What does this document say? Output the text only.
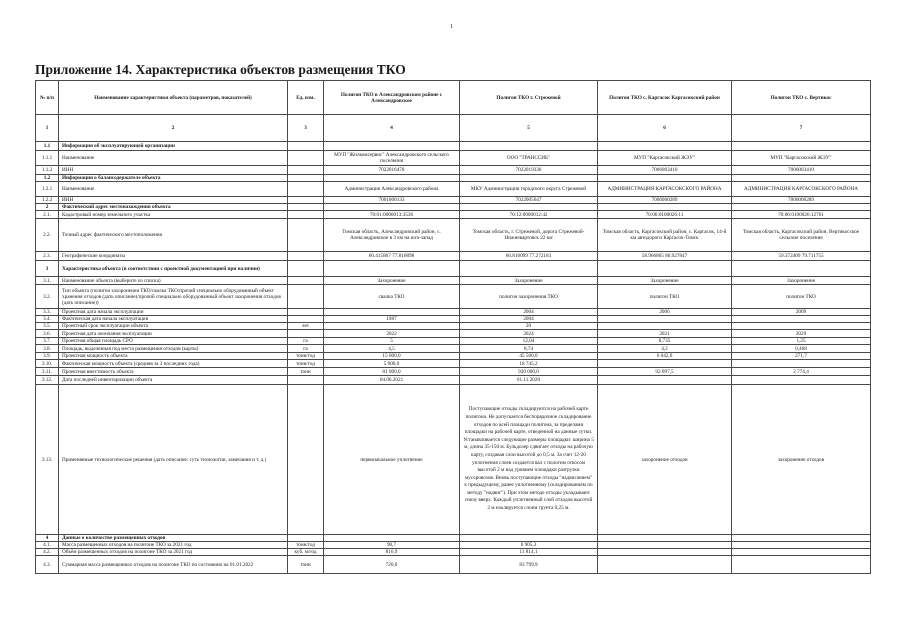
1
Приложение 14. Характеристика объектов размещения ТКО
№ п/п	Наименование характеристики объекта (параметров, показателей)	Ед. изм.	Полигон ТКО в Александровском районе с Александровское	Полигон ТКО г. Стрежевой	Полигон ТКО с. Каргасок Каргасокский район	Полигон ТКО с. Вертикос
1	2	3	4	5	6	7
1.1	Информация об эксплуатирующей организации					
1.1.1	Наименование		МУП "Жилкомсервис" Александровского сельского поселения	ООО "ТРАНССИБ"	МУП "Каргасокский ЖЭУ"	МУП "Каргасокский ЖЭУ"
1.1.2	ИНН		7022016478	7022019336	7006003410	7006003410
1.2	Информация о балансодержателе объекта					
1.2.1	Наименование		Администрация Александровского района	МКУ Администрация городского округа Стрежевой	АДМИНИСТРАЦИЯ КАРГАСОКСКОГО РАЙОНА	АДМИНИСТРАЦИЯ КАРГАСОКСКОГО РАЙОНА
1.2.2	ИНН		7001000133	7022005647	7006000289	7006000289
2	Фактический адрес местонахождения объекта					
2.1.	Кадастровый номер земельного участка		70:01:0000013:3536	70:12:0000012:42	70:06:0100026:11	70:06:0100026:12761
2.2.	Точный адрес фактического местоположения		Томская область, Александровский район, с. Александровское в 3 км на юго-запад	Томская область, г. Стрежевой, дорога Стрежевой-Нижневартовск 22 км	Томская область, Каргасокский район, с. Каргасок, 14-й км автодороги Каргасок-Томск	Томская область, Каргасокский район, Вертикосское сельское поселение
2.3.	Географические координаты		60.415867 77.816898	60.816099 77.272183	58.966865 80.927847	59.372409 79.711755
3	Характеристика объекта (в соответствии с проектной документацией при наличии)					
3.1.	Наименование объекта (выберите из списка)		Захоронение	Захоронение	Захоронение	Захоронение
3.2.	Тип объекта (полигон захоронения ТКО/свалка ТКО/прочий специально оборудованный объект хранения отходов (дать описание)/прочий специально оборудованный объект захоронения отходов (дать описание))		свалка ТКО	полигон захоронения ТКО	полигон ТКО	полигон ТКО
3.3.	Проектная дата начала эксплуатации			2004	2006	2009
3.4.	Фактическая дата начала эксплуатации		1987	2004		
3.5.	Проектный срок эксплуатации объекта	лет		20		
3.6.	Проектная дата окончания эксплуатации		2022	2024	2021	2029
3.7.	Проектная общая площадь СРО	га	5	12,04	8,735	1,25
3.8.	Площадь, выделенная под места размещения отходов (карты)	га	4,5	8,74	4,2	0,468
3.9.	Проектная мощность объекта	тонн/год	15 000,0	45 500,0	6 042,0	271,7
3.10.	Фактическая мощность объекта (средняя за 3 последних года)	тонн/год	5 000,0	18 745,2		
3.11.	Проектная вместимость объекта	тонн	81 000,0	930 000,0	92 097,5	2 774,4
3.12.	Дата последней инвентаризации объекта		04.06.2021	01.11.2020		
3.13.	Применяемые технологические решения (дать описание: суть технологии, замечания и т. д.)		первоначальное уплотнение	Поступающие отходы складируются на рабочей карте полигона. Не допускается беспорядочное складирование отходов по всей площади полигона, за пределами площадки на рабочей карте, отведенной на данные сутки. Устанавливается следующие размеры площадки: ширина 5 м, длина 35-150 м. Бульдозер сдвигает отходы на рабочую карту, создавая слои высотой до 0,5 м. За счет 12-20 уплотнения слоев создается вал с пологим откосом высотой 2 м над уровнем площадки разгрузки мусоровозов. Вновь поступающие отходы "надвиганием" к предыдущему, ранее уплотненному (складированием по методу "надвиг"). При этом методе отходы укладывают снизу вверх. Каждый уплотненный слой отходов высотой 2 м изолируется слоем грунта 0,25 м.	захоронение отходов	захоронение отходов
4	Данные о количестве размещенных отходов					
4.1.	Масса размещенных отходов на полигоне ТКО за 2021 год	тонн/год	90,7	6 905,3		
4.2.	Объём размещенных отходов на полигоне ТКО за 2021 год	куб. м/год	816,9	11 814,1		
4.3.	Суммарная масса размещенных отходов на полигоне ТКО по состоянию на 01.01.2022	тонн	720,0	83 799,9		
